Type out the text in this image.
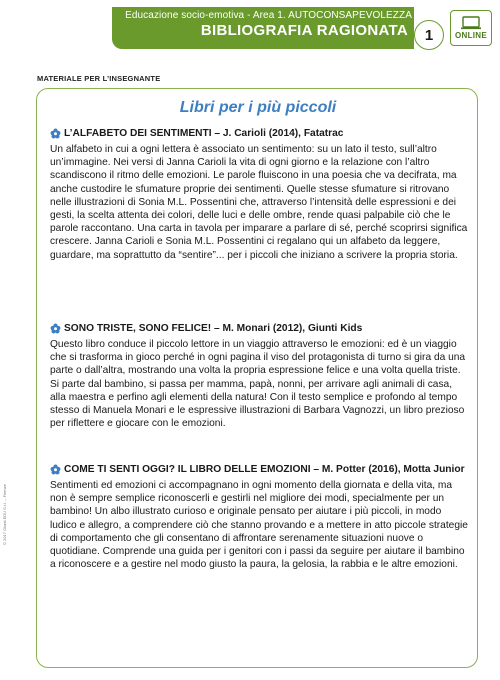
Educazione socio-emotiva - Area 1. AUTOCONSAPEVOLEZZA
BIBLIOGRAFIA RAGIONATA	1	ONLINE
MATERIALE PER L’INSEGNANTE
Libri per i più piccoli
L’ALFABETO DEI SENTIMENTI – J. Carioli (2014), Fatatrac
Un alfabeto in cui a ogni lettera è associato un sentimento: su un lato il testo, sull’altro un’immagine. Nei versi di Janna Carioli la vita di ogni giorno e la relazione con l’altro scandiscono il ritmo delle emozioni. Le parole fluiscono in una poesia che va decifrata, ma anche custodire le sfumature proprie dei sentimenti. Quelle stesse sfumature si ritrovano nelle illustrazioni di Sonia M.L. Possentini che, attraverso l’intensità delle espressioni e dei gesti, la scelta attenta dei colori, delle luci e delle ombre, rende quasi palpabile ciò che le parole raccontano. Una carta in tavola per imparare a parlare di sé, perché scoprirsi significa crescere. Janna Carioli e Sonia M.L. Possentini ci regalano qui un alfabeto da leggere, guardare, ma soprattutto da “sentire”... per i piccoli che iniziano a scrivere la propria storia.
SONO TRISTE, SONO FELICE! – M. Monari (2012), Giunti Kids
Questo libro conduce il piccolo lettore in un viaggio attraverso le emozioni: ed è un viaggio che si trasforma in gioco perché in ogni pagina il viso del protagonista di turno si gira da una parte o dall’altra, mostrando una volta la propria espressione felice e una volta quella triste. Si parte dal bambino, si passa per mamma, papà, nonni, per arrivare agli animali di casa, alla maestra e perfino agli elementi della natura! Con il testo semplice e profondo al tempo stesso di Manuela Monari e le espressive illustrazioni di Barbara Vagnozzi, un libro prezioso per riflettere e giocare con le emozioni.
COME TI SENTI OGGI? IL LIBRO DELLE EMOZIONI – M. Potter (2016), Motta Junior
Sentimenti ed emozioni ci accompagnano in ogni momento della giornata e della vita, ma non è sempre semplice riconoscerli e gestirli nel migliore dei modi, specialmente per un bambino! Un albo illustrato curioso e originale pensato per aiutare i più piccoli, in modo ludico e allegro, a comprendere ciò che stanno provando e a mettere in atto piccole strategie di comportamento che gli consentano di affrontare serenamente situazioni nuove o quotidiane. Comprende una guida per i genitori con i passi da seguire per aiutare il bambino a riconoscere e a gestire nel modo giusto la paura, la gelosia, la rabbia e le altre emozioni.
© 2017 Giunti EDU S.r.l. – Firenze
